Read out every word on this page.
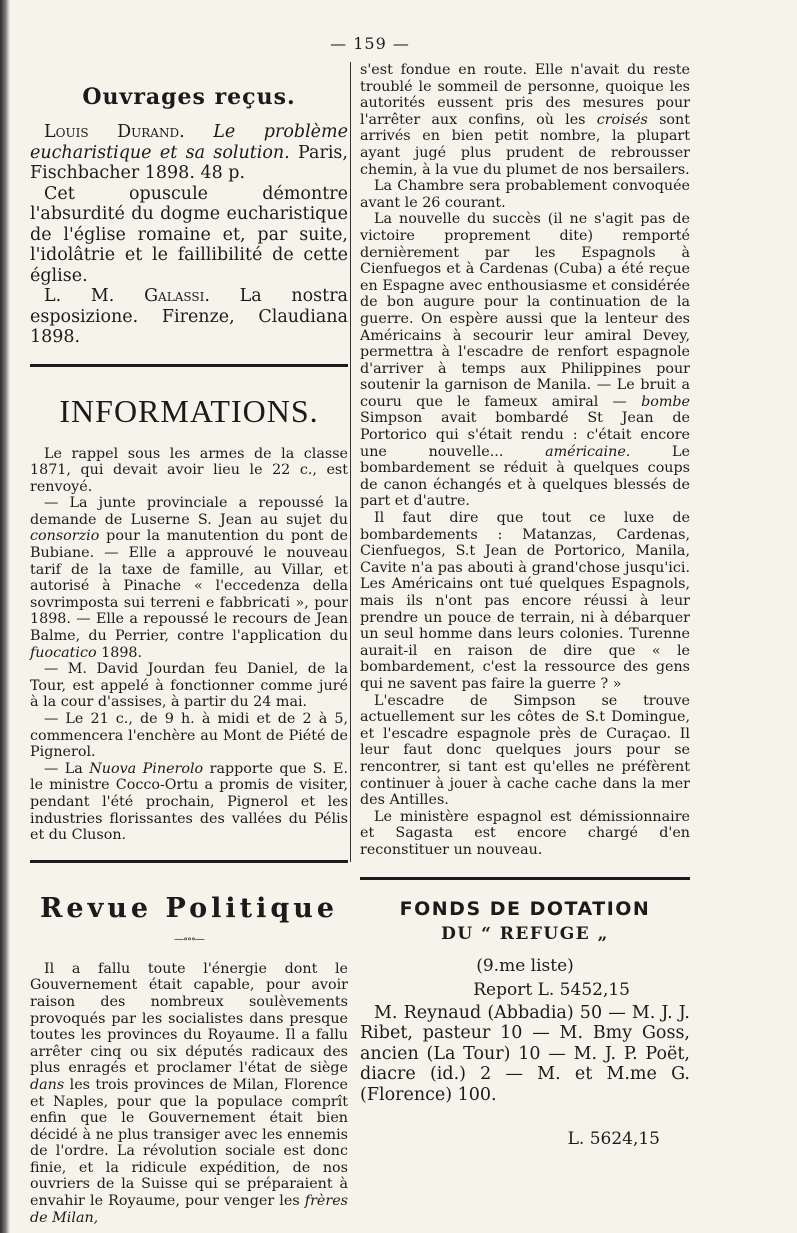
— 159 —
Ouvrages reçus.

Louis Durand. Le problème eucharistique et sa solution. Paris, Fischbacher 1898. 48 p.

Cet opuscule démontre l'absurdité du dogme eucharistique de l'église romaine et, par suite, l'idolâtrie et le faillibilité de cette église.

L. M. Galassi. La nostra esposizione. Firenze, Claudiana 1898.

INFORMATIONS.

Le rappel sous les armes de la classe 1871, qui devait avoir lieu le 22 c., est renvoyé.

— La junte provinciale a repoussé la demande de Luserne S. Jean au sujet du consorzio pour la manutention du pont de Bubiane. — Elle a approuvé le nouveau tarif de la taxe de famille, au Villar, et autorisé à Pinache « l'eccedenza della sovrimposta sui terreni e fabbricati », pour 1898. — Elle a repoussé le recours de Jean Balme, du Perrier, contre l'application du fuocatico 1898.

— M. David Jourdan feu Daniel, de la Tour, est appelé à fonctionner comme juré à la cour d'assises, à partir du 24 mai.

— Le 21 c., de 9 h. à midi et de 2 à 5, commencera l'enchère au Mont de Piété de Pignerol.

— La Nuova Pinerolo rapporte que S. E. le ministre Cocco-Ortu a promis de visiter, pendant l'été prochain, Pignerol et les industries florissantes des vallées du Pélis et du Cluson.

Revue Politique
—∘∘∘—

Il a fallu toute l'énergie dont le Gouvernement était capable, pour avoir raison des nombreux soulèvements provoqués par les socialistes dans presque toutes les provinces du Royaume. Il a fallu arrêter cinq ou six députés radicaux des plus enragés et proclamer l'état de siège dans les trois provinces de Milan, Florence et Naples, pour que la populace comprît enfin que le Gouvernement était bien décidé à ne plus transiger avec les ennemis de l'ordre. La révolution sociale est donc finie, et la ridicule expédition, de nos ouvriers de la Suisse qui se préparaient à envahir le Royaume, pour venger les frères de Milan,

s'est fondue en route. Elle n'avait du reste troublé le sommeil de personne, quoique les autorités eussent pris des mesures pour l'arrêter aux confins, où les croisés sont arrivés en bien petit nombre, la plupart ayant jugé plus prudent de rebrousser chemin, à la vue du plumet de nos bersailers.

La Chambre sera probablement convoquée avant le 26 courant.

La nouvelle du succès (il ne s'agit pas de victoire proprement dite) remporté dernièrement par les Espagnols à Cienfuegos et à Cardenas (Cuba) a été reçue en Espagne avec enthousiasme et considérée de bon augure pour la continuation de la guerre. On espère aussi que la lenteur des Américains à secourir leur amiral Devey, permettra à l'escadre de renfort espagnole d'arriver à temps aux Philippines pour soutenir la garnison de Manila. — Le bruit a couru que le fameux amiral — bombe Simpson avait bombardé St Jean de Portorico qui s'était rendu : c'était encore une nouvelle... américaine. Le bombardement se réduit à quelques coups de canon échangés et à quelques blessés de part et d'autre.

Il faut dire que tout ce luxe de bombardements : Matanzas, Cardenas, Cienfuegos, S.t Jean de Portorico, Manila, Cavite n'a pas abouti à grand'chose jusqu'ici. Les Américains ont tué quelques Espagnols, mais ils n'ont pas encore réussi à leur prendre un pouce de terrain, ni à débarquer un seul homme dans leurs colonies. Turenne aurait-il en raison de dire que « le bombardement, c'est la ressource des gens qui ne savent pas faire la guerre ? »

L'escadre de Simpson se trouve actuellement sur les côtes de S.t Domingue, et l'escadre espagnole près de Curaçao. Il leur faut donc quelques jours pour se rencontrer, si tant est qu'elles ne préfèrent continuer à jouer à cache cache dans la mer des Antilles.

Le ministère espagnol est démissionnaire et Sagasta est encore chargé d'en reconstituer un nouveau.

FONDS DE DOTATION
DU “ REFUGE „

(9.me liste)

Report L. 5452,15

M. Reynaud (Abbadia) 50 — M. J. J. Ribet, pasteur 10 — M. Bmy Goss, ancien (La Tour) 10 — M. J. P. Poët, diacre (id.) 2 — M. et M.me G. (Florence) 100.

L. 5624,15
